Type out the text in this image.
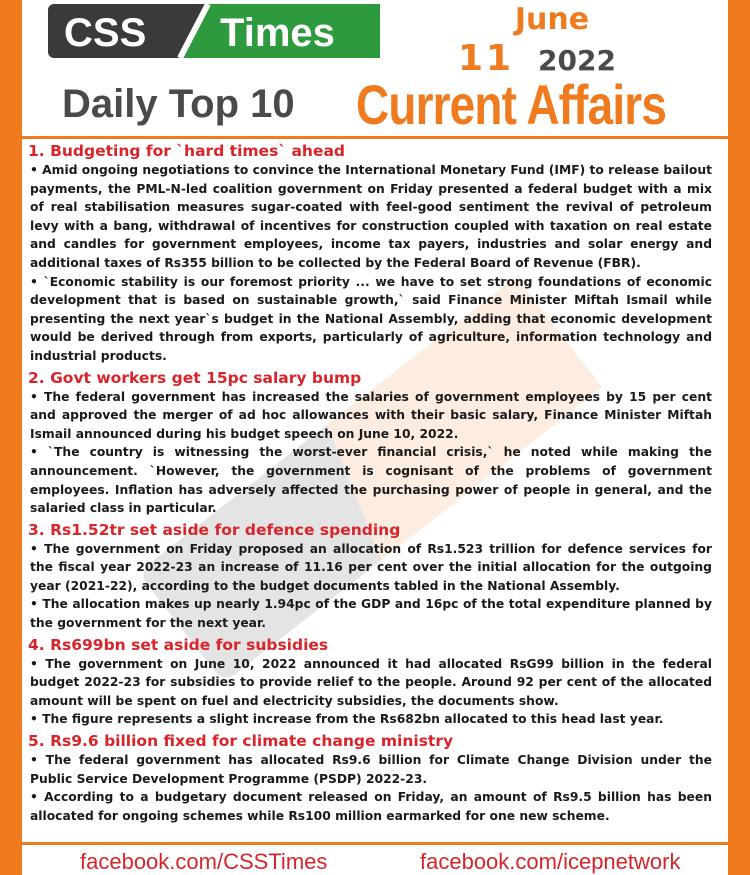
CSS Times	June
11 2022
Daily Top 10 Current Affairs
1. Budgeting for `hard times` ahead
• Amid ongoing negotiations to convince the International Monetary Fund (IMF) to release bailout payments, the PML-N-led coalition government on Friday presented a federal budget with a mix of real stabilisation measures sugar-coated with feel-good sentiment the revival of petroleum levy with a bang, withdrawal of incentives for construction coupled with taxation on real estate and candles for government employees, income tax payers, industries and solar energy and additional taxes of Rs355 billion to be collected by the Federal Board of Revenue (FBR).
• `Economic stability is our foremost priority ... we have to set strong foundations of economic development that is based on sustainable growth,` said Finance Minister Miftah Ismail while presenting the next year`s budget in the National Assembly, adding that economic development would be derived through from exports, particularly of agriculture, information technology and industrial products.
2. Govt workers get 15pc salary bump
• The federal government has increased the salaries of government employees by 15 per cent and approved the merger of ad hoc allowances with their basic salary, Finance Minister Miftah Ismail announced during his budget speech on June 10, 2022.
• `The country is witnessing the worst-ever financial crisis,` he noted while making the announcement. `However, the government is cognisant of the problems of government employees. Inflation has adversely affected the purchasing power of people in general, and the salaried class in particular.
3. Rs1.52tr set aside for defence spending
• The government on Friday proposed an allocation of Rs1.523 trillion for defence services for the fiscal year 2022-23 an increase of 11.16 per cent over the initial allocation for the outgoing year (2021-22), according to the budget documents tabled in the National Assembly.
• The allocation makes up nearly 1.94pc of the GDP and 16pc of the total expenditure planned by the government for the next year.
4. Rs699bn set aside for subsidies
• The government on June 10, 2022 announced it had allocated RsG99 billion in the federal budget 2022-23 for subsidies to provide relief to the people. Around 92 per cent of the allocated amount will be spent on fuel and electricity subsidies, the documents show.
• The figure represents a slight increase from the Rs682bn allocated to this head last year.
5. Rs9.6 billion fixed for climate change ministry
• The federal government has allocated Rs9.6 billion for Climate Change Division under the Public Service Development Programme (PSDP) 2022-23.
• According to a budgetary document released on Friday, an amount of Rs9.5 billion has been allocated for ongoing schemes while Rs100 million earmarked for one new scheme.
facebook.com/CSSTimes	facebook.com/icepnetwork
